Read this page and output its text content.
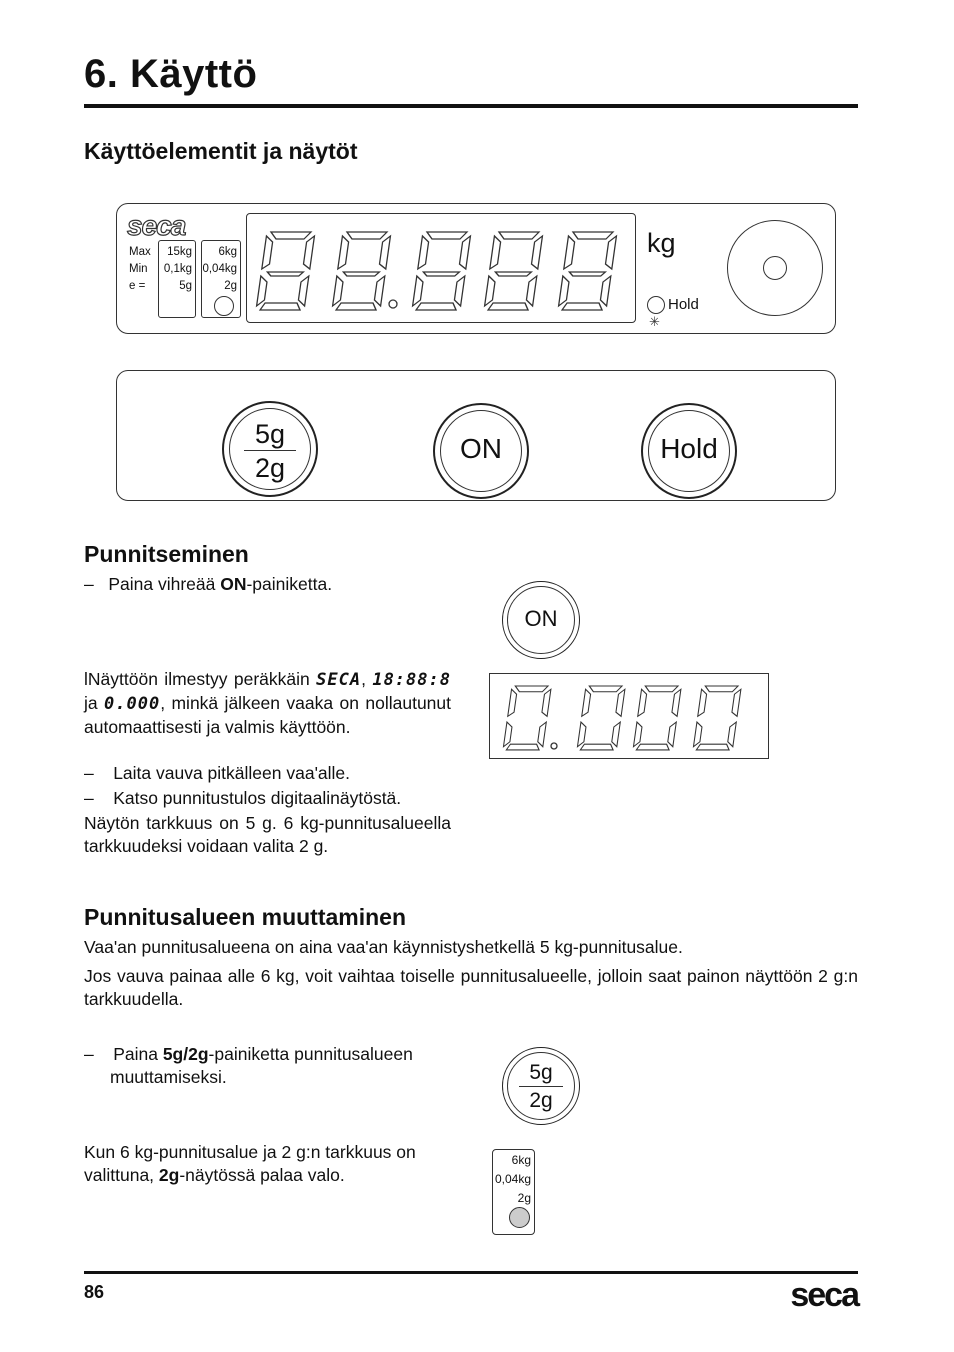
6. Käyttö
Käyttöelementit ja näytöt
seca
Max
Min
e =
15kg
0,1kg
5g
6kg
0,04kg
2g
kg
Hold
✳
5g
2g
ON	Hold
Punnitseminen
– Paina vihreää ON-painiketta.
ON
lNäyttöön ilmestyy peräkkäin SECA, 18:88:8 ja 0.000, minkä jälkeen vaaka on nollautunut automaattisesti ja valmis käyttöön.
–    Laita vauva pitkälleen vaa'alle.
–    Katso punnitustulos digitaalinäytöstä.
Näytön tarkkuus on 5 g. 6 kg-punnitusalueella tarkkuudeksi voidaan valita 2 g.
Punnitusalueen muuttaminen
Vaa'an punnitusalueena on aina vaa'an käynnistyshetkellä 5 kg-punnitusalue.
Jos vauva painaa alle 6 kg, voit vaihtaa toiselle punnitusalueelle, jolloin saat painon näyttöön 2 g:n tarkkuudella.
–    Paina 5g/2g-painiketta punnitusalueen muuttamiseksi.	5g
2g
Kun 6 kg-punnitusalue ja 2 g:n tarkkuus on valittuna, 2g-näytössä palaa valo.
6kg
0,04kg
2g
86	seca
